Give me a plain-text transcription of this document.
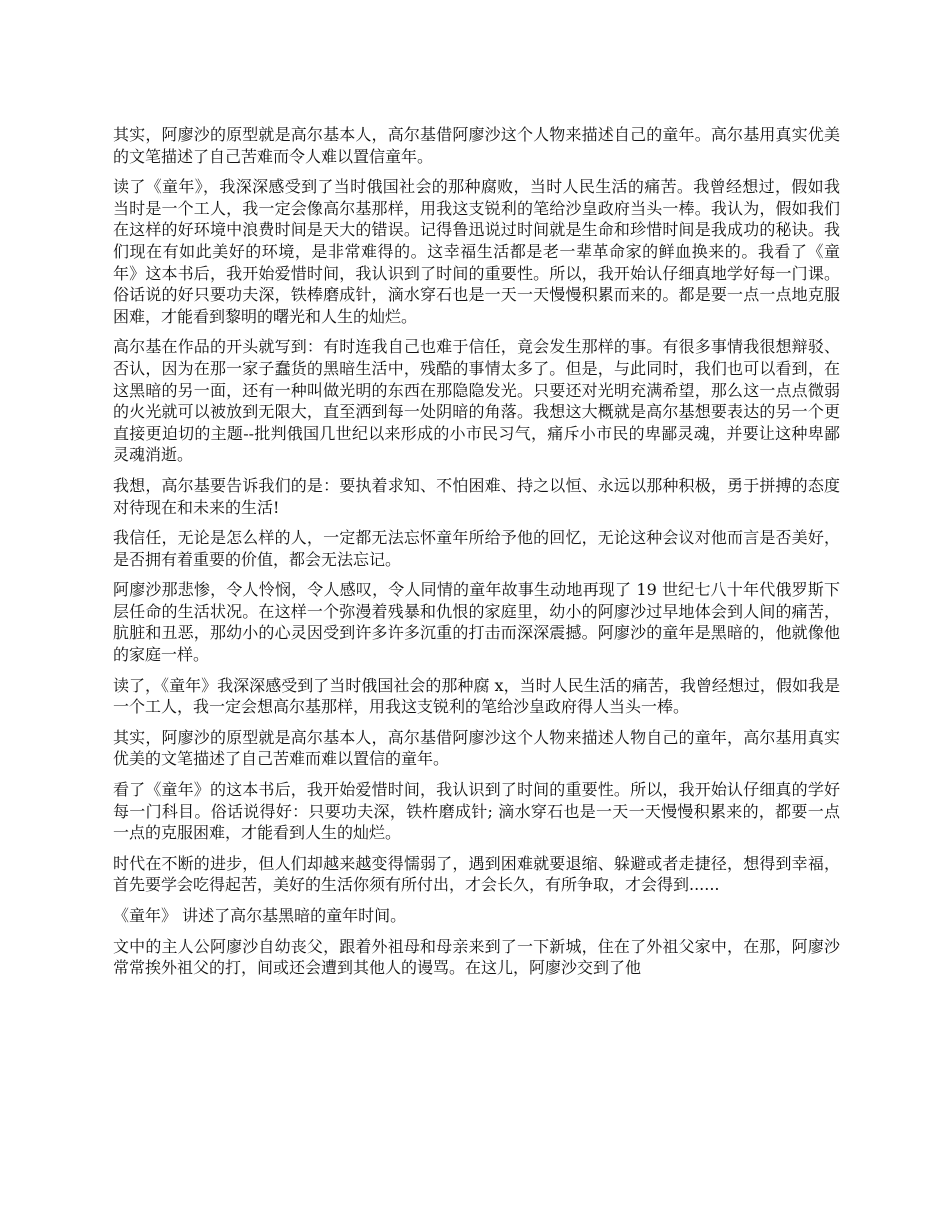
其实，阿廖沙的原型就是高尔基本人，高尔基借阿廖沙这个人物来描述自己的童年。高尔基用真实优美的文笔描述了自己苦难而令人难以置信童年。

读了《童年》，我深深感受到了当时俄国社会的那种腐败，当时人民生活的痛苦。我曾经想过，假如我当时是一个工人，我一定会像高尔基那样，用我这支锐利的笔给沙皇政府当头一棒。我认为，假如我们在这样的好环境中浪费时间是天大的错误。记得鲁迅说过时间就是生命和珍惜时间是我成功的秘诀。我们现在有如此美好的环境，是非常难得的。这幸福生活都是老一辈革命家的鲜血换来的。我看了《童年》这本书后，我开始爱惜时间，我认识到了时间的重要性。所以，我开始认仔细真地学好每一门课。俗话说的好只要功夫深，铁棒磨成针，滴水穿石也是一天一天慢慢积累而来的。都是要一点一点地克服困难，才能看到黎明的曙光和人生的灿烂。

高尔基在作品的开头就写到：有时连我自己也难于信任，竟会发生那样的事。有很多事情我很想辩驳、否认，因为在那一家子蠢货的黑暗生活中，残酷的事情太多了。但是，与此同时，我们也可以看到，在这黑暗的另一面，还有一种叫做光明的东西在那隐隐发光。只要还对光明充满希望，那么这一点点微弱的火光就可以被放到无限大，直至洒到每一处阴暗的角落。我想这大概就是高尔基想要表达的另一个更直接更迫切的主题--批判俄国几世纪以来形成的小市民习气，痛斥小市民的卑鄙灵魂，并要让这种卑鄙灵魂消逝。

我想，高尔基要告诉我们的是：要执着求知、不怕困难、持之以恒、永远以那种积极，勇于拼搏的态度对待现在和未来的生活!

我信任，无论是怎么样的人，一定都无法忘怀童年所给予他的回忆，无论这种会议对他而言是否美好，是否拥有着重要的价值，都会无法忘记。

阿廖沙那悲惨，令人怜悯，令人感叹，令人同情的童年故事生动地再现了 19 世纪七八十年代俄罗斯下层任命的生活状况。在这样一个弥漫着残暴和仇恨的家庭里，幼小的阿廖沙过早地体会到人间的痛苦，肮脏和丑恶，那幼小的心灵因受到许多许多沉重的打击而深深震撼。阿廖沙的童年是黑暗的，他就像他的家庭一样。

读了，《童年》我深深感受到了当时俄国社会的那种腐 x，当时人民生活的痛苦，我曾经想过，假如我是一个工人，我一定会想高尔基那样，用我这支锐利的笔给沙皇政府得人当头一棒。

其实，阿廖沙的原型就是高尔基本人，高尔基借阿廖沙这个人物来描述人物自己的童年，高尔基用真实优美的文笔描述了自己苦难而难以置信的童年。

看了《童年》的这本书后，我开始爱惜时间，我认识到了时间的重要性。所以，我开始认仔细真的学好每一门科目。俗话说得好：只要功夫深，铁杵磨成针; 滴水穿石也是一天一天慢慢积累来的，都要一点一点的克服困难，才能看到人生的灿烂。

时代在不断的进步，但人们却越来越变得懦弱了，遇到困难就要退缩、躲避或者走捷径，想得到幸福，首先要学会吃得起苦，美好的生活你须有所付出，才会长久，有所争取，才会得到......

《童年》 讲述了高尔基黑暗的童年时间。

文中的主人公阿廖沙自幼丧父，跟着外祖母和母亲来到了一下新城，住在了外祖父家中，在那，阿廖沙常常挨外祖父的打，间或还会遭到其他人的谩骂。在这儿，阿廖沙交到了他
